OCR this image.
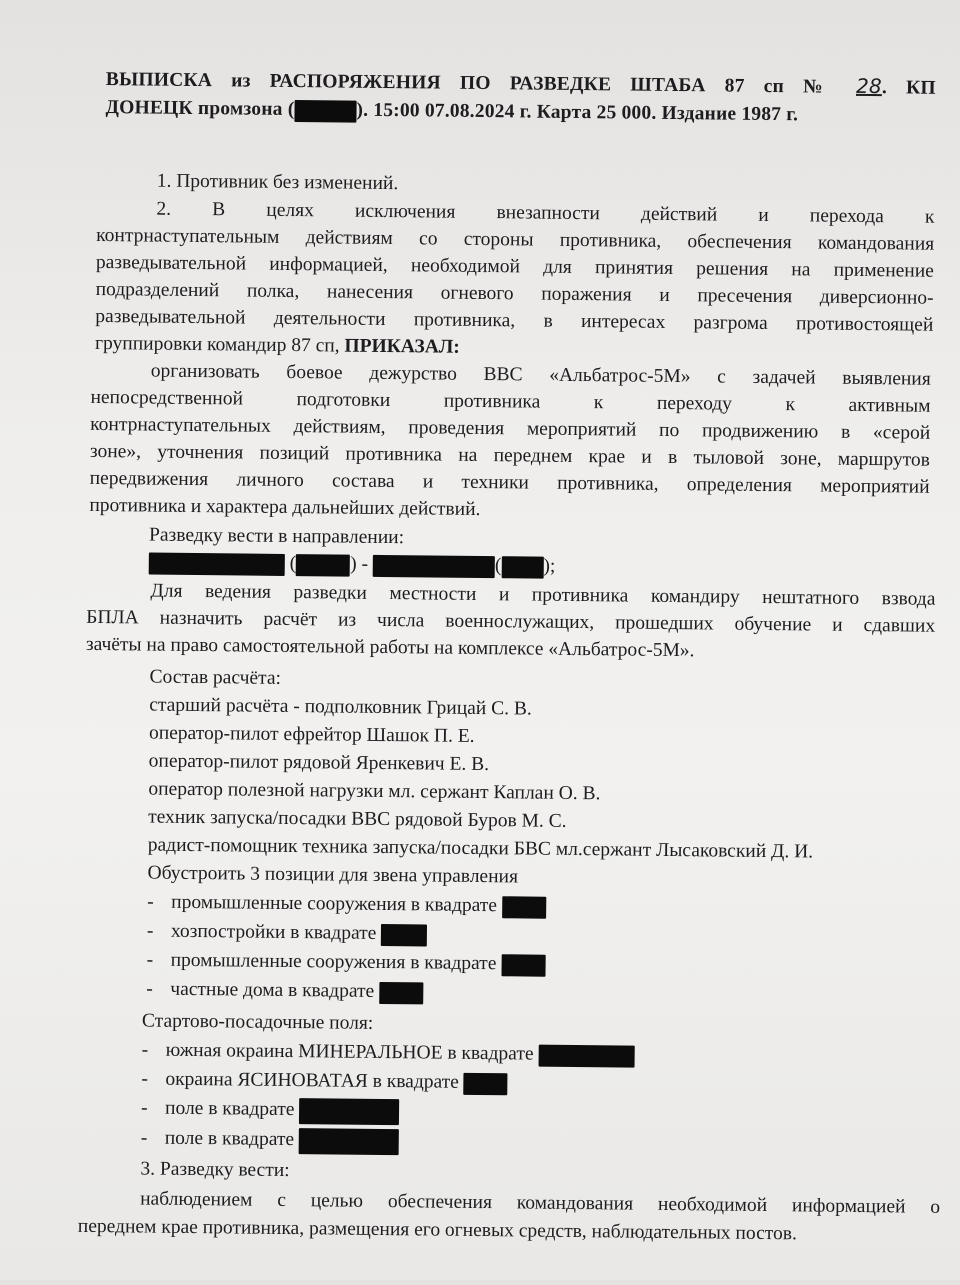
ВЫПИСКА из РАСПОРЯЖЕНИЯ ПО РАЗВЕДКЕ ШТАБА 87 сп № 28. КП
ДОНЕЦК промзона (	). 15:00 07.08.2024 г. Карта 25 000. Издание 1987 г.
1. Противник без изменений.
2. В целях исключения внезапности действий и перехода к
контрнаступательным действиям со стороны противника, обеспечения командования
разведывательной информацией, необходимой для принятия решения на применение
подразделений полка, нанесения огневого поражения и пресечения диверсионно-
разведывательной деятельности противника, в интересах разгрома противостоящей
группировки командир 87 сп, ПРИКАЗАЛ:
организовать боевое дежурство ВВС «Альбатрос-5М» с задачей выявления
непосредственной подготовки противника к переходу к активным
контрнаступательных действиям, проведения мероприятий по продвижению в «серой
зоне», уточнения позиций противника на переднем крае и в тыловой зоне, маршрутов
передвижения личного состава и техники противника, определения мероприятий
противника и характера дальнейших действий.
Разведку вести в направлении:
(	) -	( );
Для ведения разведки местности и противника командиру нештатного взвода
БПЛА назначить расчёт из числа военнослужащих, прошедших обучение и сдавших
зачёты на право самостоятельной работы на комплексе «Альбатрос-5М».
Состав расчёта:
старший расчёта - подполковник Грицай С. В.
оператор-пилот ефрейтор Шашок П. Е.
оператор-пилот рядовой Яренкевич Е. В.
оператор полезной нагрузки мл. сержант Каплан О. В.
техник запуска/посадки ВВС рядовой Буров М. С.
радист-помощник техника запуска/посадки БВС мл.сержант Лысаковский Д. И.
Обустроить 3 позиции для звена управления
- промышленные сооружения в квадрате
- хозпостройки в квадрате
- промышленные сооружения в квадрате
- частные дома в квадрате
Стартово-посадочные поля:
- южная окраина МИНЕРАЛЬНОЕ в квадрате
- окраина ЯСИНОВАТАЯ в квадрате
- поле в квадрате
- поле в квадрате
3. Разведку вести:
наблюдением с целью обеспечения командования необходимой информацией о
переднем крае противника, размещения его огневых средств, наблюдательных постов.
